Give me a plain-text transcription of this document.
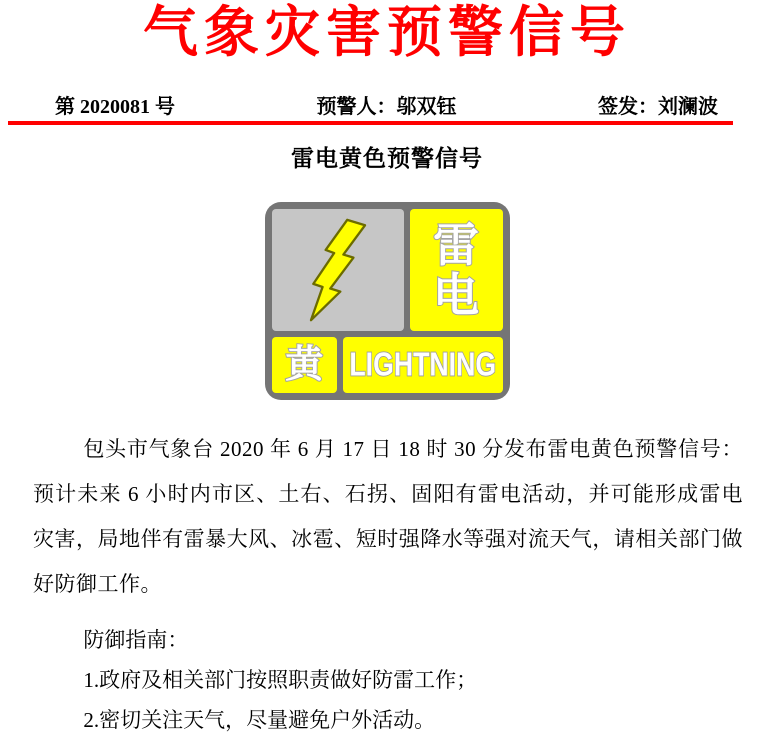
气象灾害预警信号
第 2020081 号	预警人：邬双钰	签发：刘澜波
雷电黄色预警信号
雷
电
黄 LIGHTNING
包头市气象台 2020 年 6 月 17 日 18 时 30 分发布雷电黄色预警信号：预计未来 6 小时内市区、土右、石拐、固阳有雷电活动，并可能形成雷电灾害，局地伴有雷暴大风、冰雹、短时强降水等强对流天气，请相关部门做好防御工作。
防御指南：
1.政府及相关部门按照职责做好防雷工作；
2.密切关注天气，尽量避免户外活动。
